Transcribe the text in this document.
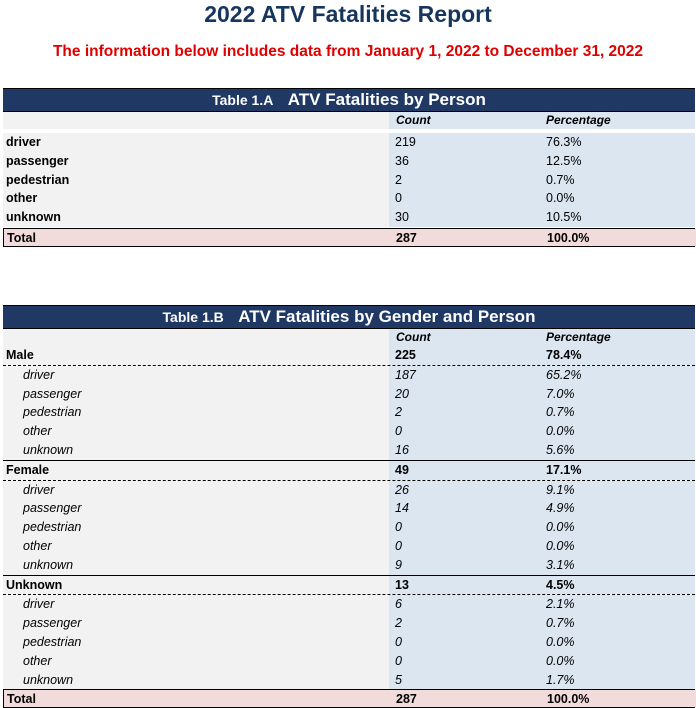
2022 ATV Fatalities Report
The information below includes data from January 1, 2022 to December 31, 2022
Table 1.A ATV Fatalities by Person
Count	Percentage
driver	219	76.3%
passenger	36	12.5%
pedestrian	2	0.7%
other	0	0.0%
unknown	30	10.5%
Total	287	100.0%
Table 1.B ATV Fatalities by Gender and Person
Count	Percentage
Male	225	78.4%
driver	187	65.2%
passenger	20	7.0%
pedestrian	2	0.7%
other	0	0.0%
unknown	16	5.6%
Female	49	17.1%
driver	26	9.1%
passenger	14	4.9%
pedestrian	0	0.0%
other	0	0.0%
unknown	9	3.1%
Unknown	13	4.5%
driver	6	2.1%
passenger	2	0.7%
pedestrian	0	0.0%
other	0	0.0%
unknown	5	1.7%
Total	287	100.0%
